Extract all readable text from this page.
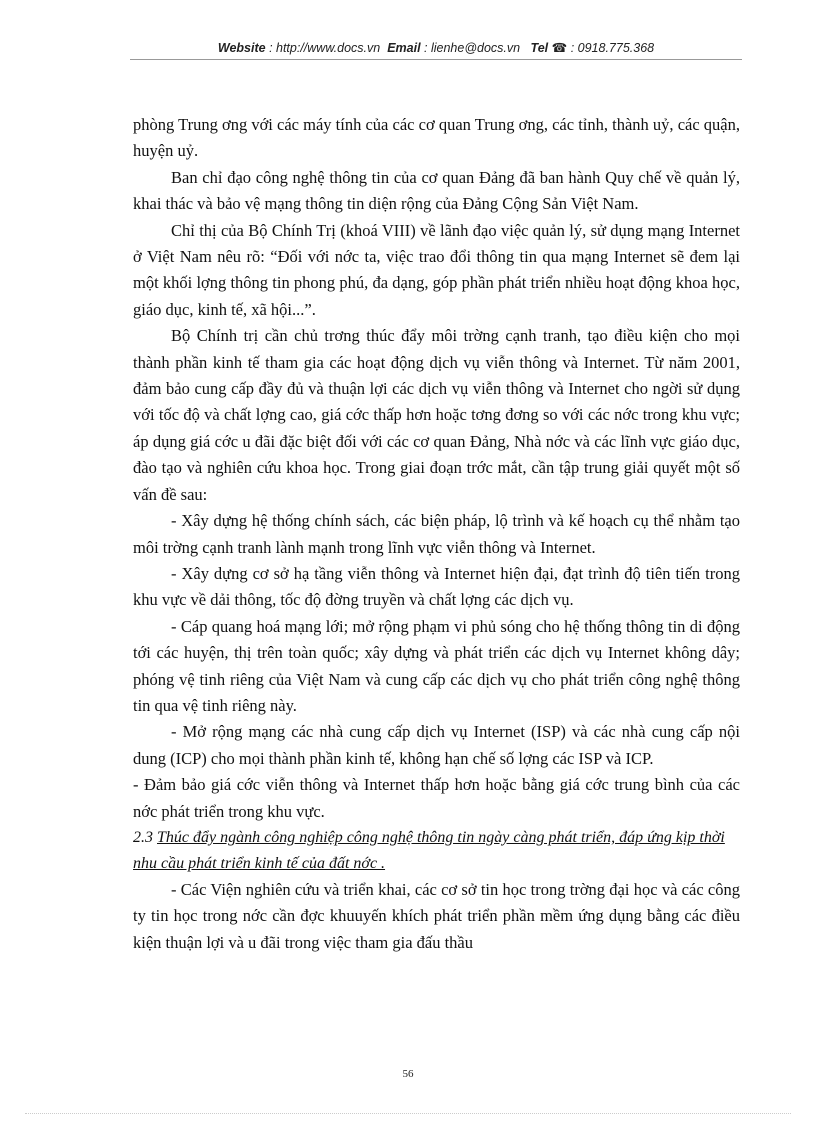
Website : http://www.docs.vn Email : lienhe@docs.vn Tel ☎ : 0918.775.368

phòng Trung ơng với các máy tính của các cơ quan Trung ơng, các tỉnh, thành uỷ, các quận, huyện uỷ.

Ban chỉ đạo công nghệ thông tin của cơ quan Đảng đã ban hành Quy chế về quản lý, khai thác và bảo vệ mạng thông tin diện rộng của Đảng Cộng Sản Việt Nam.

Chỉ thị của Bộ Chính Trị (khoá VIII) về lãnh đạo việc quản lý, sử dụng mạng Internet ở Việt Nam nêu rõ: “Đối với nớc ta, việc trao đổi thông tin qua mạng Internet sẽ đem lại một khối lợng thông tin phong phú, đa dạng, góp phần phát triển nhiều hoạt động khoa học, giáo dục, kinh tế, xã hội...”.

Bộ Chính trị cần chủ trơng thúc đẩy môi trờng cạnh tranh, tạo điều kiện cho mọi thành phần kinh tế tham gia các hoạt động dịch vụ viễn thông và Internet. Từ năm 2001, đảm bảo cung cấp đầy đủ và thuận lợi các dịch vụ viễn thông và Internet cho ngời sử dụng với tốc độ và chất lợng cao, giá cớc thấp hơn hoặc tơng đơng so với các nớc trong khu vực; áp dụng giá cớc u đãi đặc biệt đối với các cơ quan Đảng, Nhà nớc và các lĩnh vực giáo dục, đào tạo và nghiên cứu khoa học. Trong giai đoạn trớc mắt, cần tập trung giải quyết một số vấn đề sau:

- Xây dựng hệ thống chính sách, các biện pháp, lộ trình và kế hoạch cụ thể nhằm tạo môi trờng cạnh tranh lành mạnh trong lĩnh vực viễn thông và Internet.

- Xây dựng cơ sở hạ tầng viễn thông và Internet hiện đại, đạt trình độ tiên tiến trong khu vực về dải thông, tốc độ đờng truyền và chất lợng các dịch vụ.

- Cáp quang hoá mạng lới; mở rộng phạm vi phủ sóng cho hệ thống thông tin di động tới các huyện, thị trên toàn quốc; xây dựng và phát triển các dịch vụ Internet không dây; phóng vệ tinh riêng của Việt Nam và cung cấp các dịch vụ cho phát triển công nghệ thông tin qua vệ tinh riêng này.

- Mở rộng mạng các nhà cung cấp dịch vụ Internet (ISP) và các nhà cung cấp nội dung (ICP) cho mọi thành phần kinh tế, không hạn chế số lợng các ISP và ICP.

- Đảm bảo giá cớc viễn thông và Internet thấp hơn hoặc bằng giá cớc trung bình của các nớc phát triển trong khu vực.

2.3 Thúc đẩy ngành công nghiệp công nghệ thông tin ngày càng phát triển, đáp ứng kịp thời nhu cầu phát triển kinh tế của đất nớc .

- Các Viện nghiên cứu và triển khai, các cơ sở tin học trong trờng đại học và các công ty tin học trong nớc cần đợc khuuyến khích phát triển phần mềm ứng dụng bằng các điều kiện thuận lợi và u đãi trong việc tham gia đấu thầu

56
